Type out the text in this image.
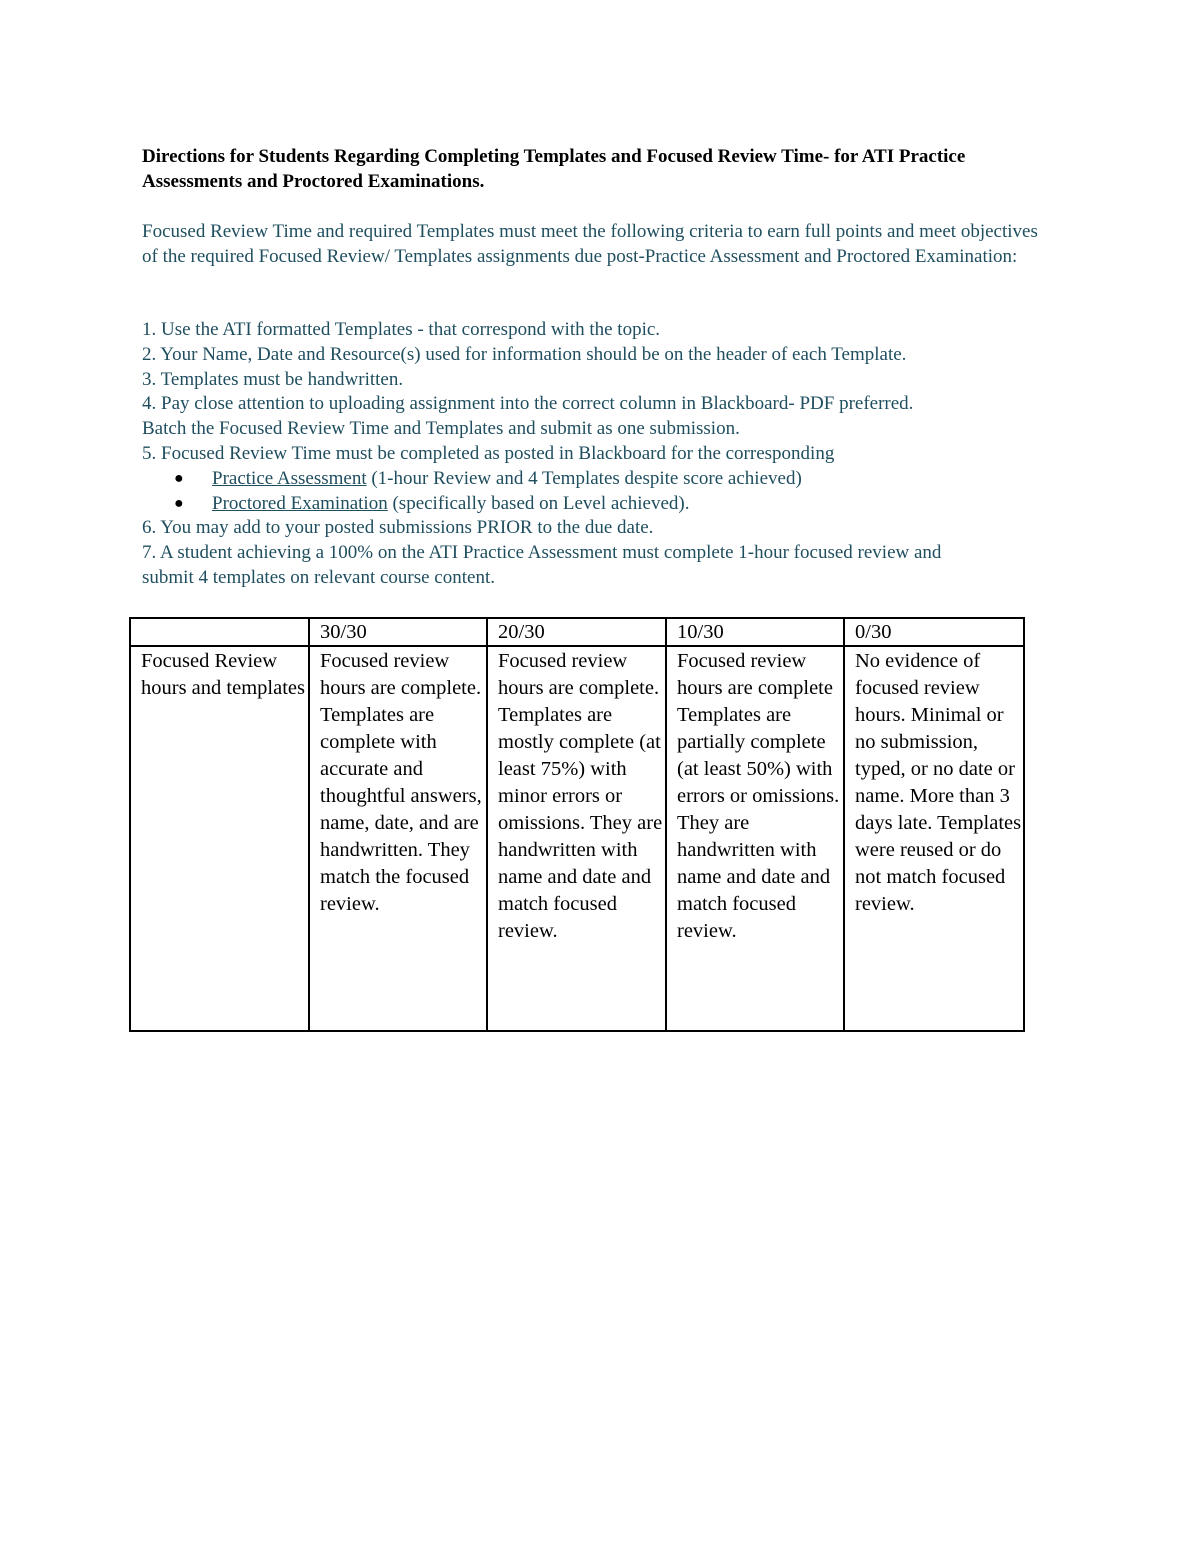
Directions for Students Regarding Completing Templates and Focused Review Time- for ATI Practice Assessments and Proctored Examinations.
Focused Review Time and required Templates must meet the following criteria to earn full points and meet objectives of the required Focused Review/ Templates assignments due post-Practice Assessment and Proctored Examination:
1. Use the ATI formatted Templates - that correspond with the topic.
2. Your Name, Date and Resource(s) used for information should be on the header of each Template.
3. Templates must be handwritten.
4. Pay close attention to uploading assignment into the correct column in Blackboard- PDF preferred.
Batch the Focused Review Time and Templates and submit as one submission.
5. Focused Review Time must be completed as posted in Blackboard for the corresponding
● Practice Assessment (1-hour Review and 4 Templates despite score achieved)
● Proctored Examination (specifically based on Level achieved).
6. You may add to your posted submissions PRIOR to the due date.
7. A student achieving a 100% on the ATI Practice Assessment must complete 1-hour focused review and
submit 4 templates on relevant course content.
	30/30	20/30	10/30	0/30
Focused Review hours and templates	Focused review hours are complete. Templates are complete with accurate and thoughtful answers, name, date, and are handwritten. They match the focused review.	Focused review hours are complete. Templates are mostly complete (at least 75%) with minor errors or omissions. They are handwritten with name and date and match focused review.	Focused review hours are complete Templates are partially complete (at least 50%) with errors or omissions. They are handwritten with name and date and match focused review.	No evidence of focused review hours. Minimal or no submission, typed, or no date or name. More than 3 days late. Templates were reused or do not match focused review.
